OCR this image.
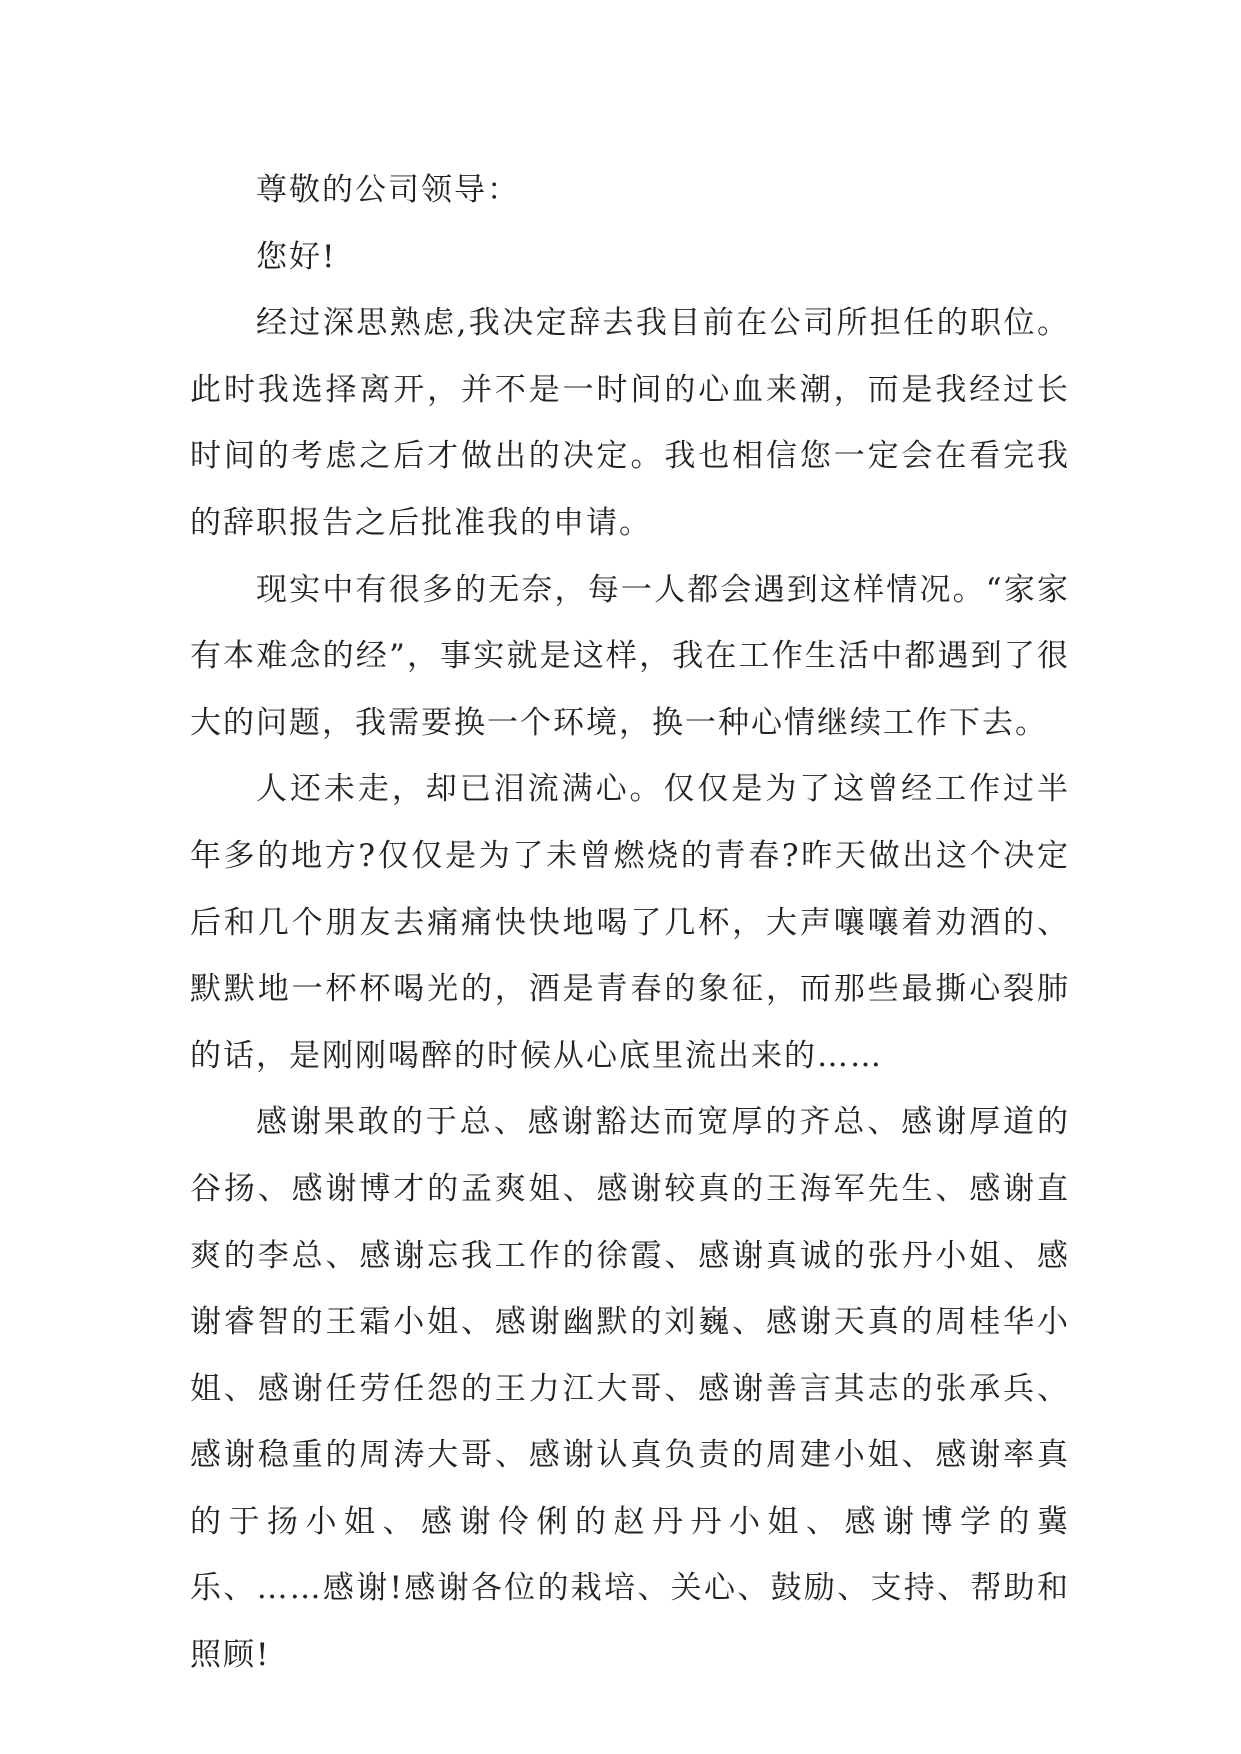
尊敬的公司领导：

您好!

经过深思熟虑,我决定辞去我目前在公司所担任的职位。此时我选择离开，并不是一时间的心血来潮，而是我经过长时间的考虑之后才做出的决定。我也相信您一定会在看完我的辞职报告之后批准我的申请。

现实中有很多的无奈，每一人都会遇到这样情况。“家家有本难念的经”，事实就是这样，我在工作生活中都遇到了很大的问题，我需要换一个环境，换一种心情继续工作下去。

人还未走，却已泪流满心。仅仅是为了这曾经工作过半年多的地方?仅仅是为了未曾燃烧的青春?昨天做出这个决定后和几个朋友去痛痛快快地喝了几杯，大声嚷嚷着劝酒的、默默地一杯杯喝光的，酒是青春的象征，而那些最撕心裂肺的话，是刚刚喝醉的时候从心底里流出来的……

感谢果敢的于总、感谢豁达而宽厚的齐总、感谢厚道的谷扬、感谢博才的孟爽姐、感谢较真的王海军先生、感谢直爽的李总、感谢忘我工作的徐霞、感谢真诚的张丹小姐、感谢睿智的王霜小姐、感谢幽默的刘巍、感谢天真的周桂华小姐、感谢任劳任怨的王力江大哥、感谢善言其志的张承兵、感谢稳重的周涛大哥、感谢认真负责的周建小姐、感谢率真的于扬小姐、感谢伶俐的赵丹丹小姐、感谢博学的冀乐、……感谢!感谢各位的栽培、关心、鼓励、支持、帮助和照顾!
